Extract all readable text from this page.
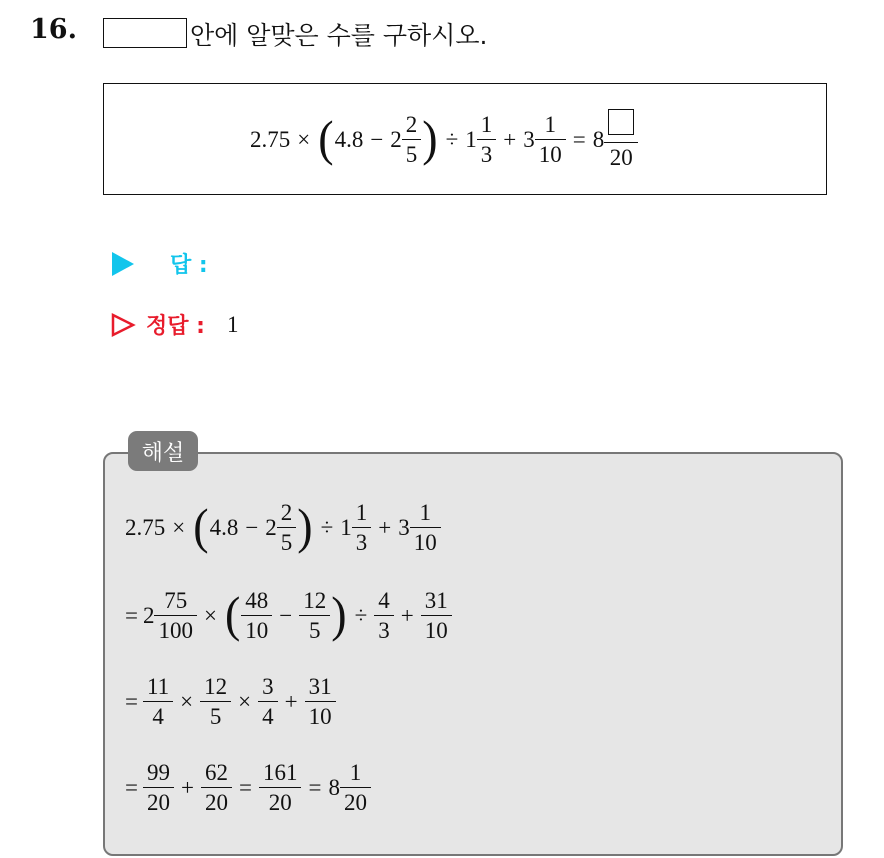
16.	안에 알맞은 수를 구하시오.
2.75 × ( $4.8 - 2 \frac{2}{5}$ ) ÷ $1 \frac{1}{3} + 3 \frac{1}{10} = 8$
20
답 :
정답 : 1
2.75 × ( $4.8 - 2 \frac{2}{5}$ ) ÷ $1 \frac{1}{3} + 3 \frac{1}{10}$
= $2 \frac{75}{100}$ × ( $\frac{48}{10} - \frac{12}{5}$ ) ÷ $\frac{4}{3} + \frac{31}{10}$
= $\frac{11}{4} \times \frac{12}{5} \times \frac{3}{4} + \frac{31}{10}$
= $\frac{99}{20} + \frac{62}{20} = \frac{161}{20} = 8 \frac{1}{20}$
해설
